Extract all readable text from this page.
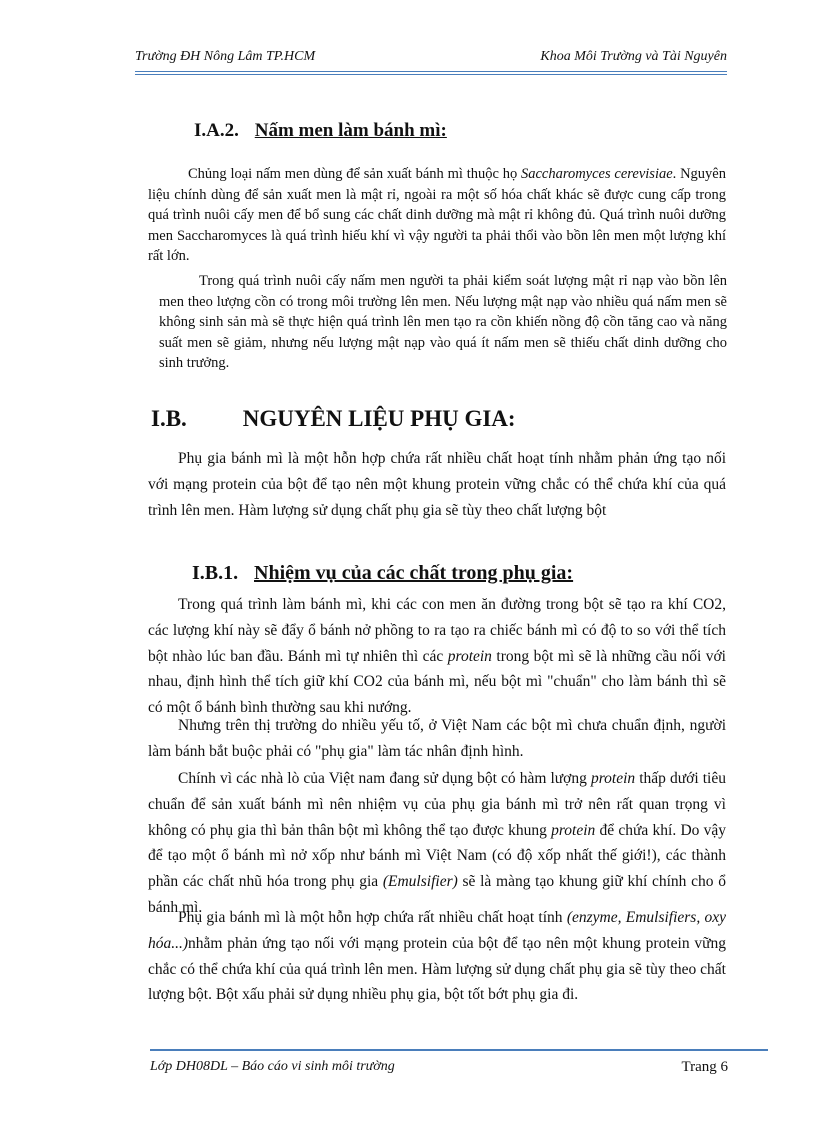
Trường ĐH Nông Lâm TP.HCM	Khoa Môi Trường và Tài Nguyên
I.A.2. Nấm men làm bánh mì:

Chủng loại nấm men dùng để sản xuất bánh mì thuộc họ Saccharomyces cerevisiae. Nguyên liệu chính dùng để sản xuất men là mật rỉ, ngoài ra một số hóa chất khác sẽ được cung cấp trong quá trình nuôi cấy men để bổ sung các chất dinh dưỡng mà mật rỉ không đủ. Quá trình nuôi dưỡng men Saccharomyces là quá trình hiếu khí vì vậy người ta phải thổi vào bồn lên men một lượng khí rất lớn.

Trong quá trình nuôi cấy nấm men người ta phải kiểm soát lượng mật rỉ nạp vào bồn lên men theo lượng cồn có trong môi trường lên men. Nếu lượng mật nạp vào nhiều quá nấm men sẽ không sinh sản mà sẽ thực hiện quá trình lên men tạo ra cồn khiến nồng độ cồn tăng cao và năng suất men sẽ giảm, nhưng nếu lượng mật nạp vào quá ít nấm men sẽ thiếu chất dinh dưỡng cho sinh trưởng.

I.B. NGUYÊN LIỆU PHỤ GIA:

Phụ gia bánh mì là một hỗn hợp chứa rất nhiều chất hoạt tính nhằm phản ứng tạo nối với mạng protein của bột để tạo nên một khung protein vững chắc có thể chứa khí của quá trình lên men. Hàm lượng sử dụng chất phụ gia sẽ tùy theo chất lượng bột

I.B.1. Nhiệm vụ của các chất trong phụ gia:

Trong quá trình làm bánh mì, khi các con men ăn đường trong bột sẽ tạo ra khí CO2, các lượng khí này sẽ đẩy ổ bánh nở phồng to ra tạo ra chiếc bánh mì có độ to so với thể tích bột nhào lúc ban đầu. Bánh mì tự nhiên thì các protein trong bột mì sẽ là những cầu nối với nhau, định hình thể tích giữ khí CO2 của bánh mì, nếu bột mì "chuẩn" cho làm bánh thì sẽ có một ổ bánh bình thường sau khi nướng.

Nhưng trên thị trường do nhiều yếu tố, ở Việt Nam các bột mì chưa chuẩn định, người làm bánh bắt buộc phải có "phụ gia" làm tác nhân định hình.

Chính vì các nhà lò của Việt nam đang sử dụng bột có hàm lượng protein thấp dưới tiêu chuẩn để sản xuất bánh mì nên nhiệm vụ của phụ gia bánh mì trở nên rất quan trọng vì không có phụ gia thì bản thân bột mì không thể tạo được khung protein để chứa khí. Do vậy để tạo một ổ bánh mì nở xốp như bánh mì Việt Nam (có độ xốp nhất thế giới!), các thành phần các chất nhũ hóa trong phụ gia (Emulsifier) sẽ là màng tạo khung giữ khí chính cho ổ bánh mì.

Phụ gia bánh mì là một hỗn hợp chứa rất nhiều chất hoạt tính (enzyme, Emulsifiers, oxy hóa...)nhằm phản ứng tạo nối với mạng protein của bột để tạo nên một khung protein vững chắc có thể chứa khí của quá trình lên men. Hàm lượng sử dụng chất phụ gia sẽ tùy theo chất lượng bột. Bột xấu phải sử dụng nhiều phụ gia, bột tốt bớt phụ gia đi.

Lớp DH08DL – Báo cáo vi sinh môi trường	Trang 6
